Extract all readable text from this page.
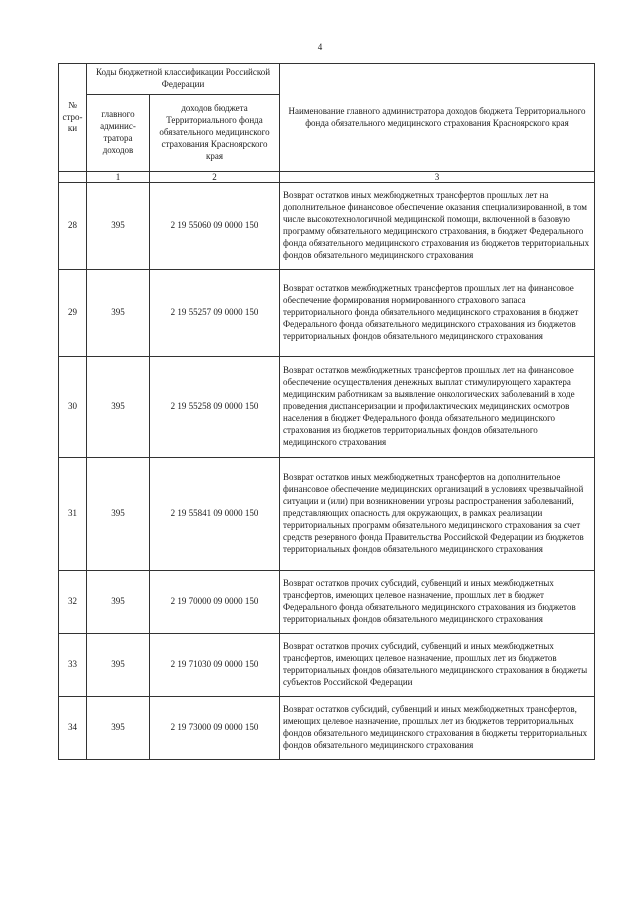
4
№ стро-ки	Коды бюджетной классификации Российской Федерации		Наименование главного администратора доходов бюджета Территориального фонда обязательного медицинского страхования Красноярского края
	главного админис-тратора доходов	доходов бюджета Территориального фонда обязательного медицинского страхования Красноярского края	
	1	2	3
28	395	2 19 55060 09 0000 150	Возврат остатков иных межбюджетных трансфертов прошлых лет на дополнительное финансовое обеспечение оказания специализированной, в том числе высокотехнологичной медицинской помощи, включенной в базовую программу обязательного медицинского страхования, в бюджет Федерального фонда обязательного медицинского страхования из бюджетов территориальных фондов обязательного медицинского страхования
29	395	2 19 55257 09 0000 150	Возврат остатков межбюджетных трансфертов прошлых лет на финансовое обеспечение формирования нормированного страхового запаса территориального фонда обязательного медицинского страхования в бюджет Федерального фонда обязательного медицинского страхования из бюджетов территориальных фондов обязательного медицинского страхования
30	395	2 19 55258 09 0000 150	Возврат остатков межбюджетных трансфертов прошлых лет на финансовое обеспечение осуществления денежных выплат стимулирующего характера медицинским работникам за выявление онкологических заболеваний в ходе проведения диспансеризации и профилактических медицинских осмотров населения в бюджет Федерального фонда обязательного медицинского страхования из бюджетов территориальных фондов обязательного медицинского страхования
31	395	2 19 55841 09 0000 150	Возврат остатков иных межбюджетных трансфертов на дополнительное финансовое обеспечение медицинских организаций в условиях чрезвычайной ситуации и (или) при возникновении угрозы распространения заболеваний, представляющих опасность для окружающих, в рамках реализации территориальных программ обязательного медицинского страхования за счет средств резервного фонда Правительства Российской Федерации из бюджетов территориальных фондов обязательного медицинского страхования
32	395	2 19 70000 09 0000 150	Возврат остатков прочих субсидий, субвенций и иных межбюджетных трансфертов, имеющих целевое назначение, прошлых лет в бюджет Федерального фонда обязательного медицинского страхования из бюджетов территориальных фондов обязательного медицинского страхования
33	395	2 19 71030 09 0000 150	Возврат остатков прочих субсидий, субвенций и иных межбюджетных трансфертов, имеющих целевое назначение, прошлых лет из бюджетов территориальных фондов обязательного медицинского страхования в бюджеты субъектов Российской Федерации
34	395	2 19 73000 09 0000 150	Возврат остатков субсидий, субвенций и иных межбюджетных трансфертов, имеющих целевое назначение, прошлых лет из бюджетов территориальных фондов обязательного медицинского страхования в бюджеты территориальных фондов обязательного медицинского страхования
